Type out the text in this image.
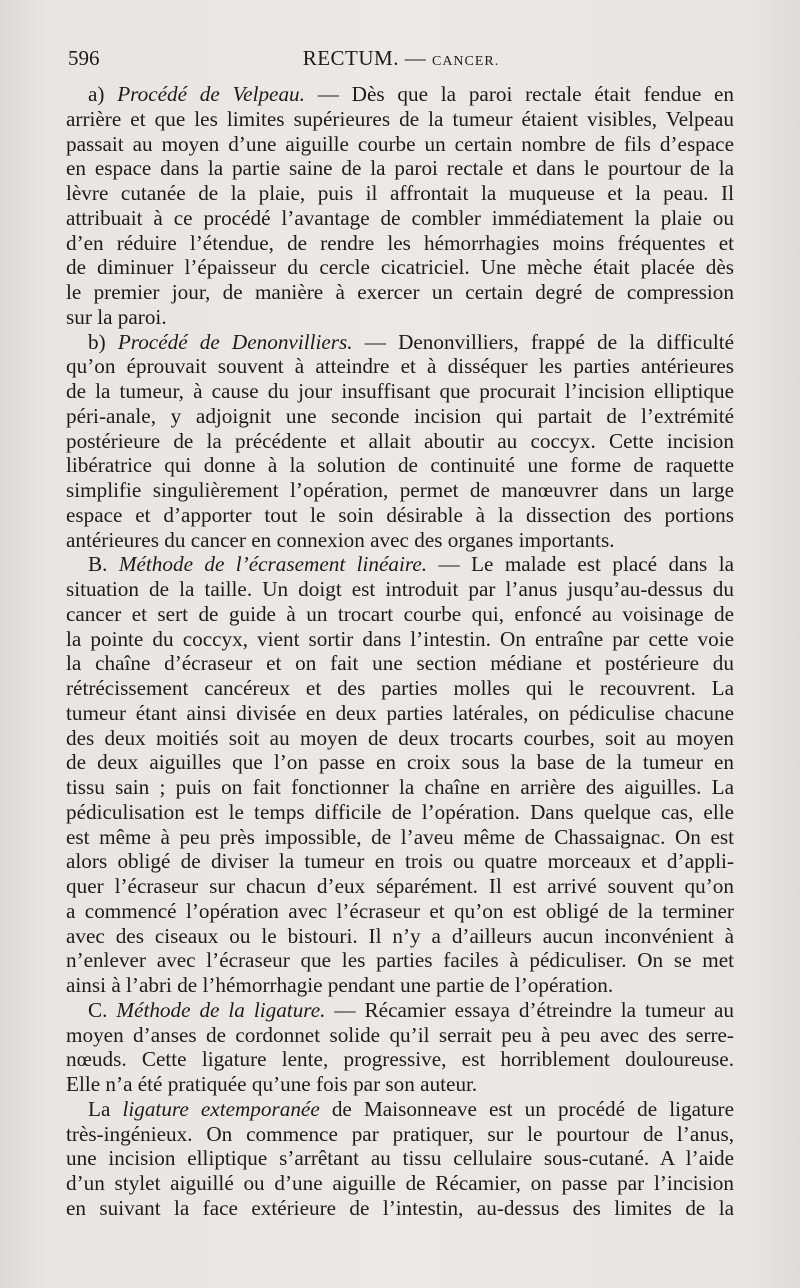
596	RECTUM. — CANCER.
a) Procédé de Velpeau. — Dès que la paroi rectale était fendue en
arrière et que les limites supérieures de la tumeur étaient visibles, Velpeau
passait au moyen d’une aiguille courbe un certain nombre de fils d’espace
en espace dans la partie saine de la paroi rectale et dans le pourtour de la
lèvre cutanée de la plaie, puis il affrontait la muqueuse et la peau. Il
attribuait à ce procédé l’avantage de combler immédiatement la plaie ou
d’en réduire l’étendue, de rendre les hémorrhagies moins fréquentes et
de diminuer l’épaisseur du cercle cicatriciel. Une mèche était placée dès
le premier jour, de manière à exercer un certain degré de compression
sur la paroi.
b) Procédé de Denonvilliers. — Denonvilliers, frappé de la difficulté
qu’on éprouvait souvent à atteindre et à disséquer les parties antérieures
de la tumeur, à cause du jour insuffisant que procurait l’incision elliptique
péri-anale, y adjoignit une seconde incision qui partait de l’extrémité
postérieure de la précédente et allait aboutir au coccyx. Cette incision
libératrice qui donne à la solution de continuité une forme de raquette
simplifie singulièrement l’opération, permet de manœuvrer dans un large
espace et d’apporter tout le soin désirable à la dissection des portions
antérieures du cancer en connexion avec des organes importants.
B. Méthode de l’écrasement linéaire. — Le malade est placé dans la
situation de la taille. Un doigt est introduit par l’anus jusqu’au-dessus du
cancer et sert de guide à un trocart courbe qui, enfoncé au voisinage de
la pointe du coccyx, vient sortir dans l’intestin. On entraîne par cette voie
la chaîne d’écraseur et on fait une section médiane et postérieure du
rétrécissement cancéreux et des parties molles qui le recouvrent. La
tumeur étant ainsi divisée en deux parties latérales, on pédiculise chacune
des deux moitiés soit au moyen de deux trocarts courbes, soit au moyen
de deux aiguilles que l’on passe en croix sous la base de la tumeur en
tissu sain ; puis on fait fonctionner la chaîne en arrière des aiguilles. La
pédiculisation est le temps difficile de l’opération. Dans quelque cas, elle
est même à peu près impossible, de l’aveu même de Chassaignac. On est
alors obligé de diviser la tumeur en trois ou quatre morceaux et d’appli-
quer l’écraseur sur chacun d’eux séparément. Il est arrivé souvent qu’on
a commencé l’opération avec l’écraseur et qu’on est obligé de la terminer
avec des ciseaux ou le bistouri. Il n’y a d’ailleurs aucun inconvénient à
n’enlever avec l’écraseur que les parties faciles à pédiculiser. On se met
ainsi à l’abri de l’hémorrhagie pendant une partie de l’opération.
C. Méthode de la ligature. — Récamier essaya d’étreindre la tumeur au
moyen d’anses de cordonnet solide qu’il serrait peu à peu avec des serre-
nœuds. Cette ligature lente, progressive, est horriblement douloureuse.
Elle n’a été pratiquée qu’une fois par son auteur.
La ligature extemporanée de Maisonneave est un procédé de ligature
très-ingénieux. On commence par pratiquer, sur le pourtour de l’anus,
une incision elliptique s’arrêtant au tissu cellulaire sous-cutané. A l’aide
d’un stylet aiguillé ou d’une aiguille de Récamier, on passe par l’incision
en suivant la face extérieure de l’intestin, au-dessus des limites de la
